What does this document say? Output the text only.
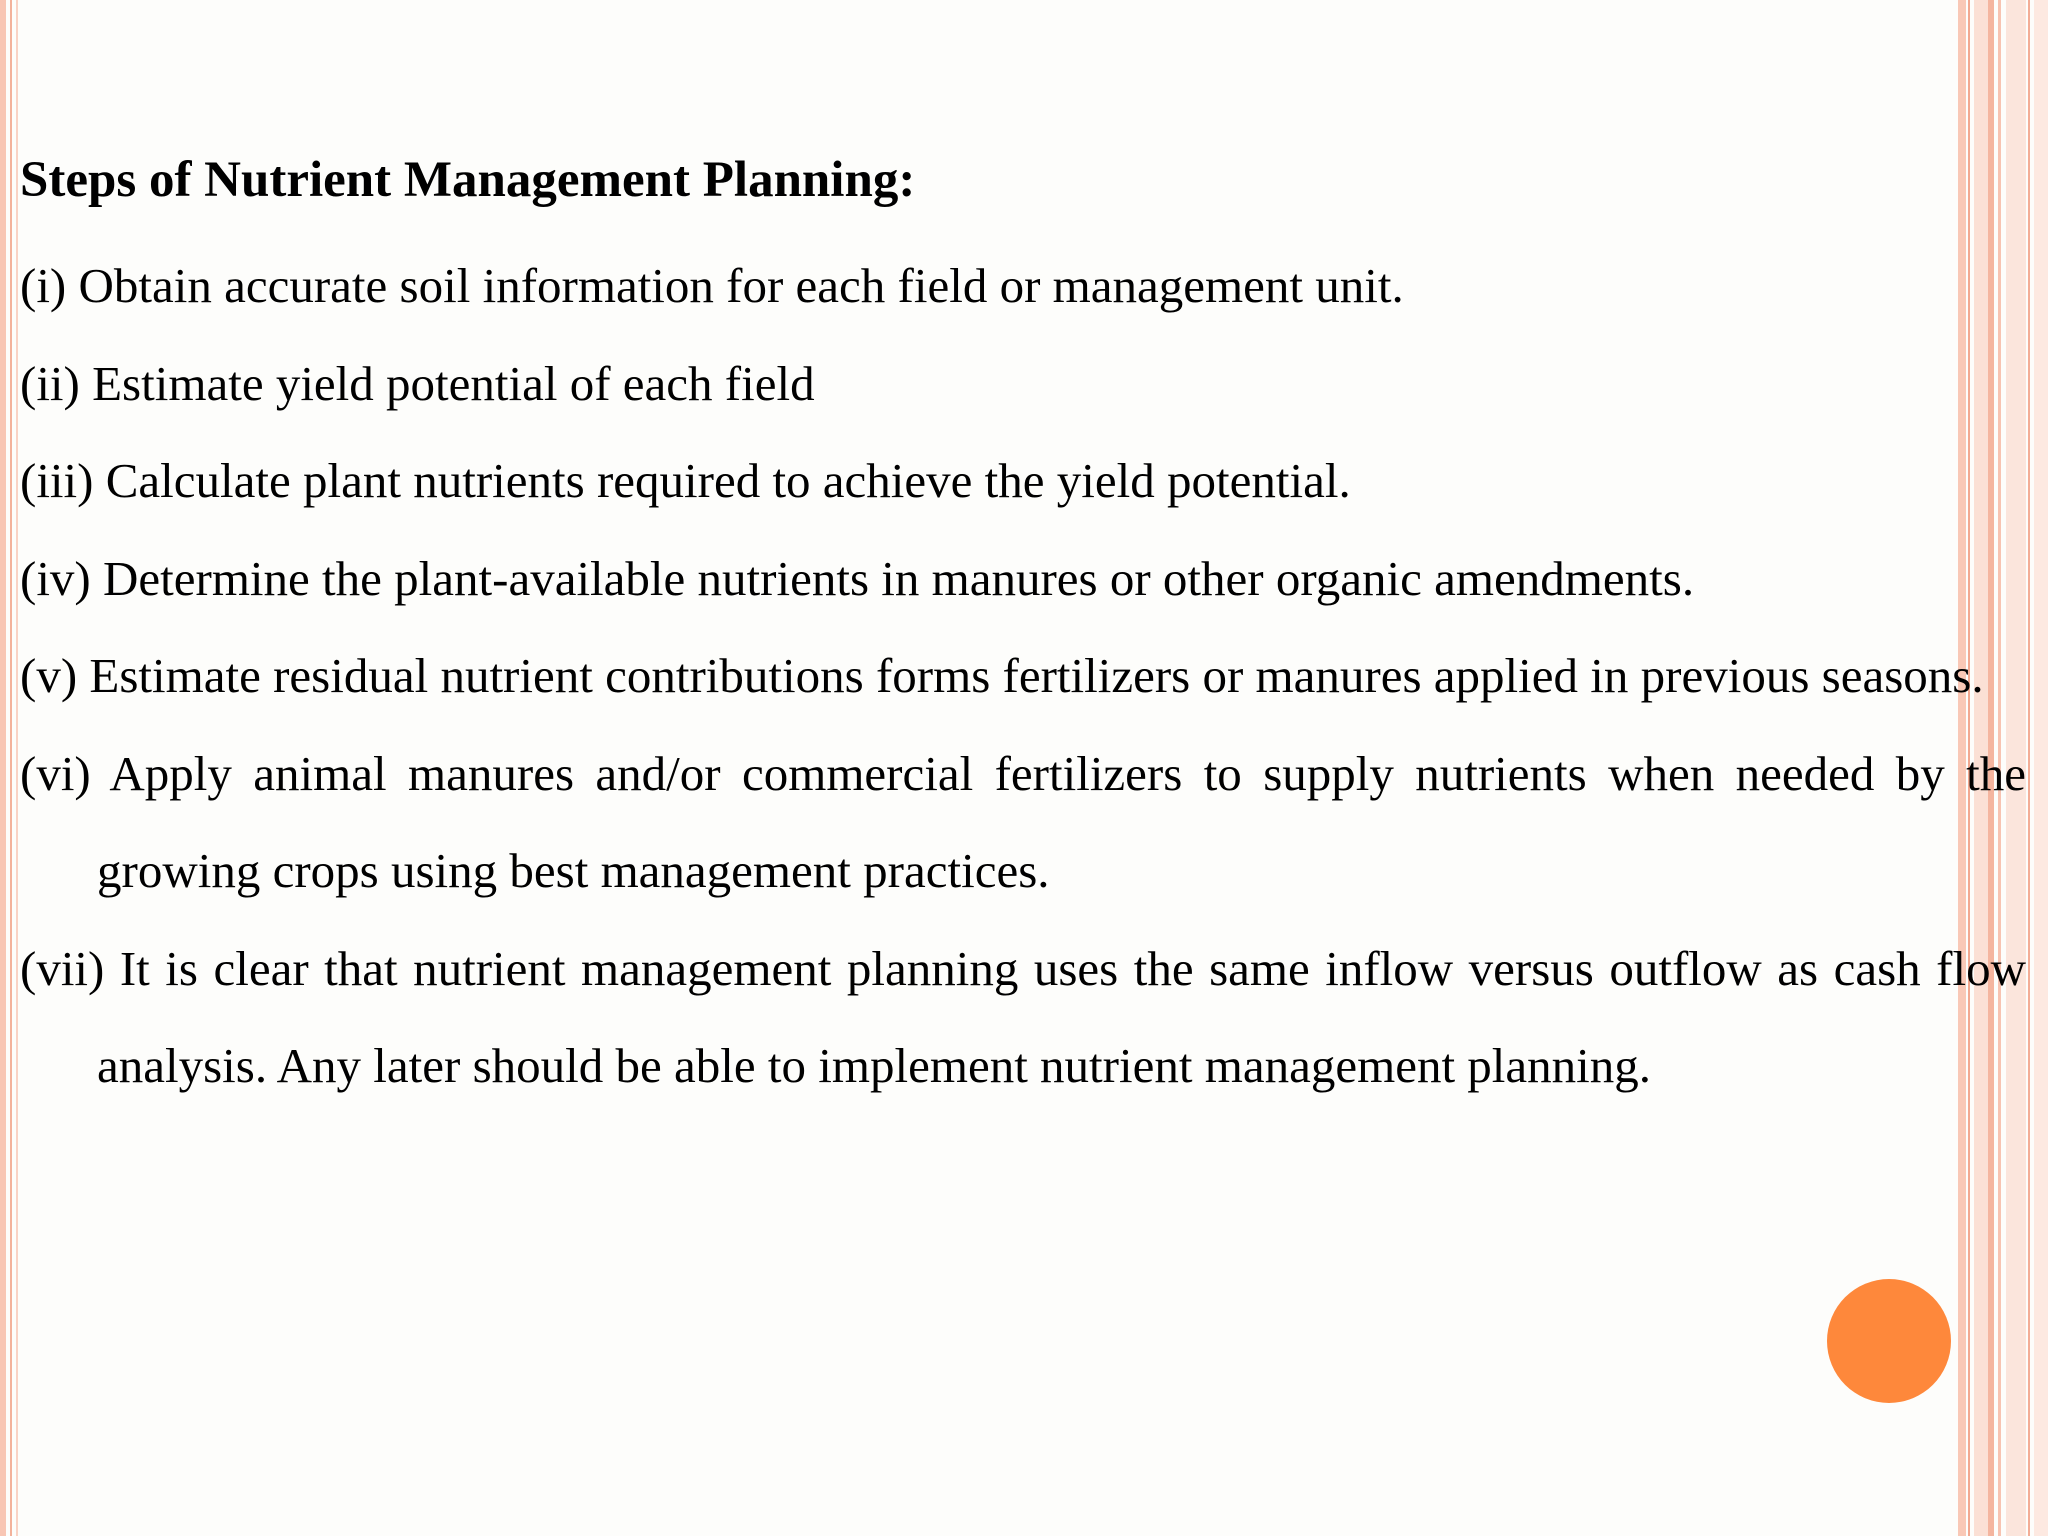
Steps of Nutrient Management Planning:
(i) Obtain accurate soil information for each field or management unit.
(ii) Estimate yield potential of each field
(iii) Calculate plant nutrients required to achieve the yield potential.
(iv) Determine the plant-available nutrients in manures or other organic amendments.
(v) Estimate residual nutrient contributions forms fertilizers or manures applied in previous seasons.
(vi) Apply animal manures and/or commercial fertilizers to supply nutrients when needed by the growing crops using best management practices.
(vii) It is clear that nutrient management planning uses the same inflow versus outflow as cash flow analysis. Any later should be able to implement nutrient management planning.
